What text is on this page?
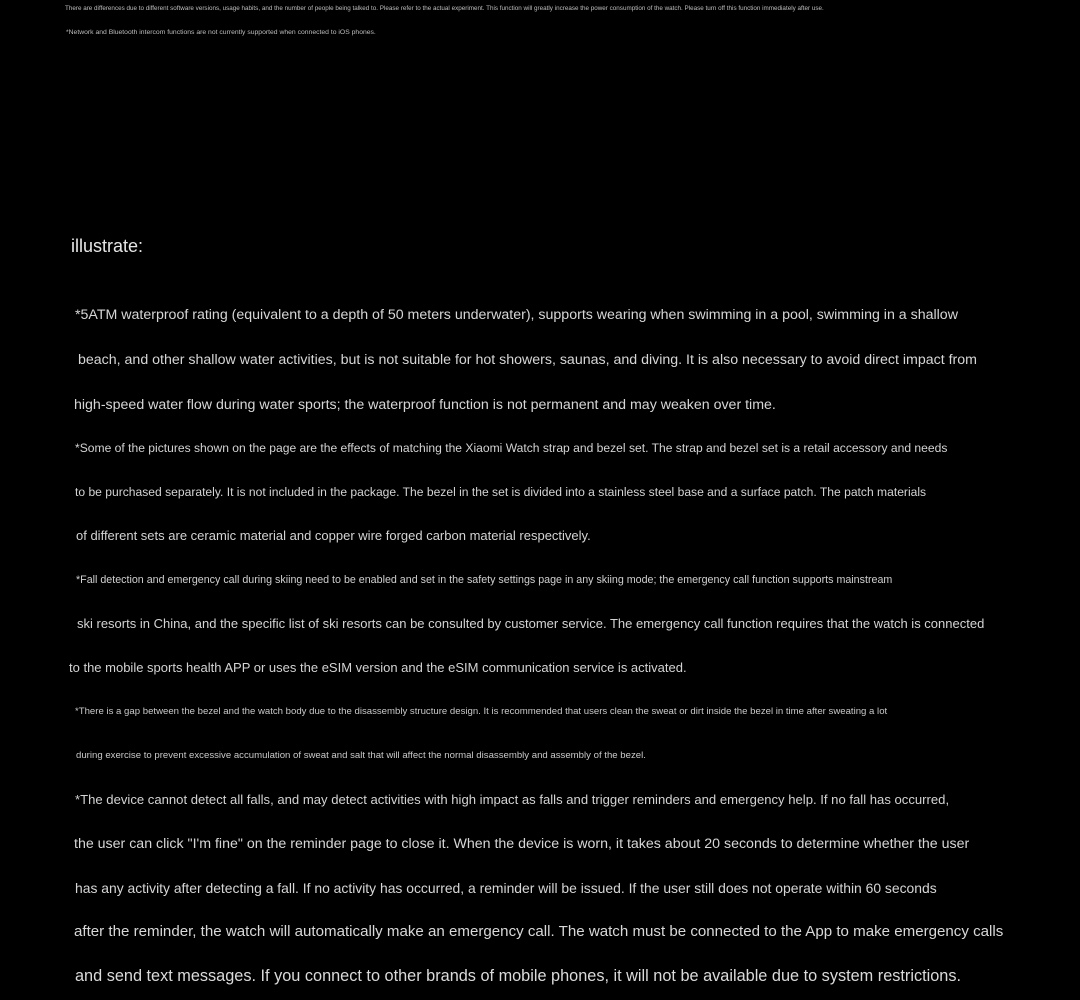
There are differences due to different software versions, usage habits, and the number of people being talked to. Please refer to the actual experiment. This function will greatly increase the power consumption of the watch. Please turn off this function immediately after use.

*Network and Bluetooth intercom functions are not currently supported when connected to iOS phones.

illustrate:

*5ATM waterproof rating (equivalent to a depth of 50 meters underwater), supports wearing when swimming in a pool, swimming in a shallow

beach, and other shallow water activities, but is not suitable for hot showers, saunas, and diving. It is also necessary to avoid direct impact from

high-speed water flow during water sports; the waterproof function is not permanent and may weaken over time.

*Some of the pictures shown on the page are the effects of matching the Xiaomi Watch strap and bezel set. The strap and bezel set is a retail accessory and needs

to be purchased separately. It is not included in the package. The bezel in the set is divided into a stainless steel base and a surface patch. The patch materials

of different sets are ceramic material and copper wire forged carbon material respectively.

*Fall detection and emergency call during skiing need to be enabled and set in the safety settings page in any skiing mode; the emergency call function supports mainstream

ski resorts in China, and the specific list of ski resorts can be consulted by customer service. The emergency call function requires that the watch is connected

to the mobile sports health APP or uses the eSIM version and the eSIM communication service is activated.

*There is a gap between the bezel and the watch body due to the disassembly structure design. It is recommended that users clean the sweat or dirt inside the bezel in time after sweating a lot

during exercise to prevent excessive accumulation of sweat and salt that will affect the normal disassembly and assembly of the bezel.

*The device cannot detect all falls, and may detect activities with high impact as falls and trigger reminders and emergency help. If no fall has occurred,

the user can click "I'm fine" on the reminder page to close it. When the device is worn, it takes about 20 seconds to determine whether the user

has any activity after detecting a fall. If no activity has occurred, a reminder will be issued. If the user still does not operate within 60 seconds

after the reminder, the watch will automatically make an emergency call. The watch must be connected to the App to make emergency calls

and send text messages. If you connect to other brands of mobile phones, it will not be available due to system restrictions.
